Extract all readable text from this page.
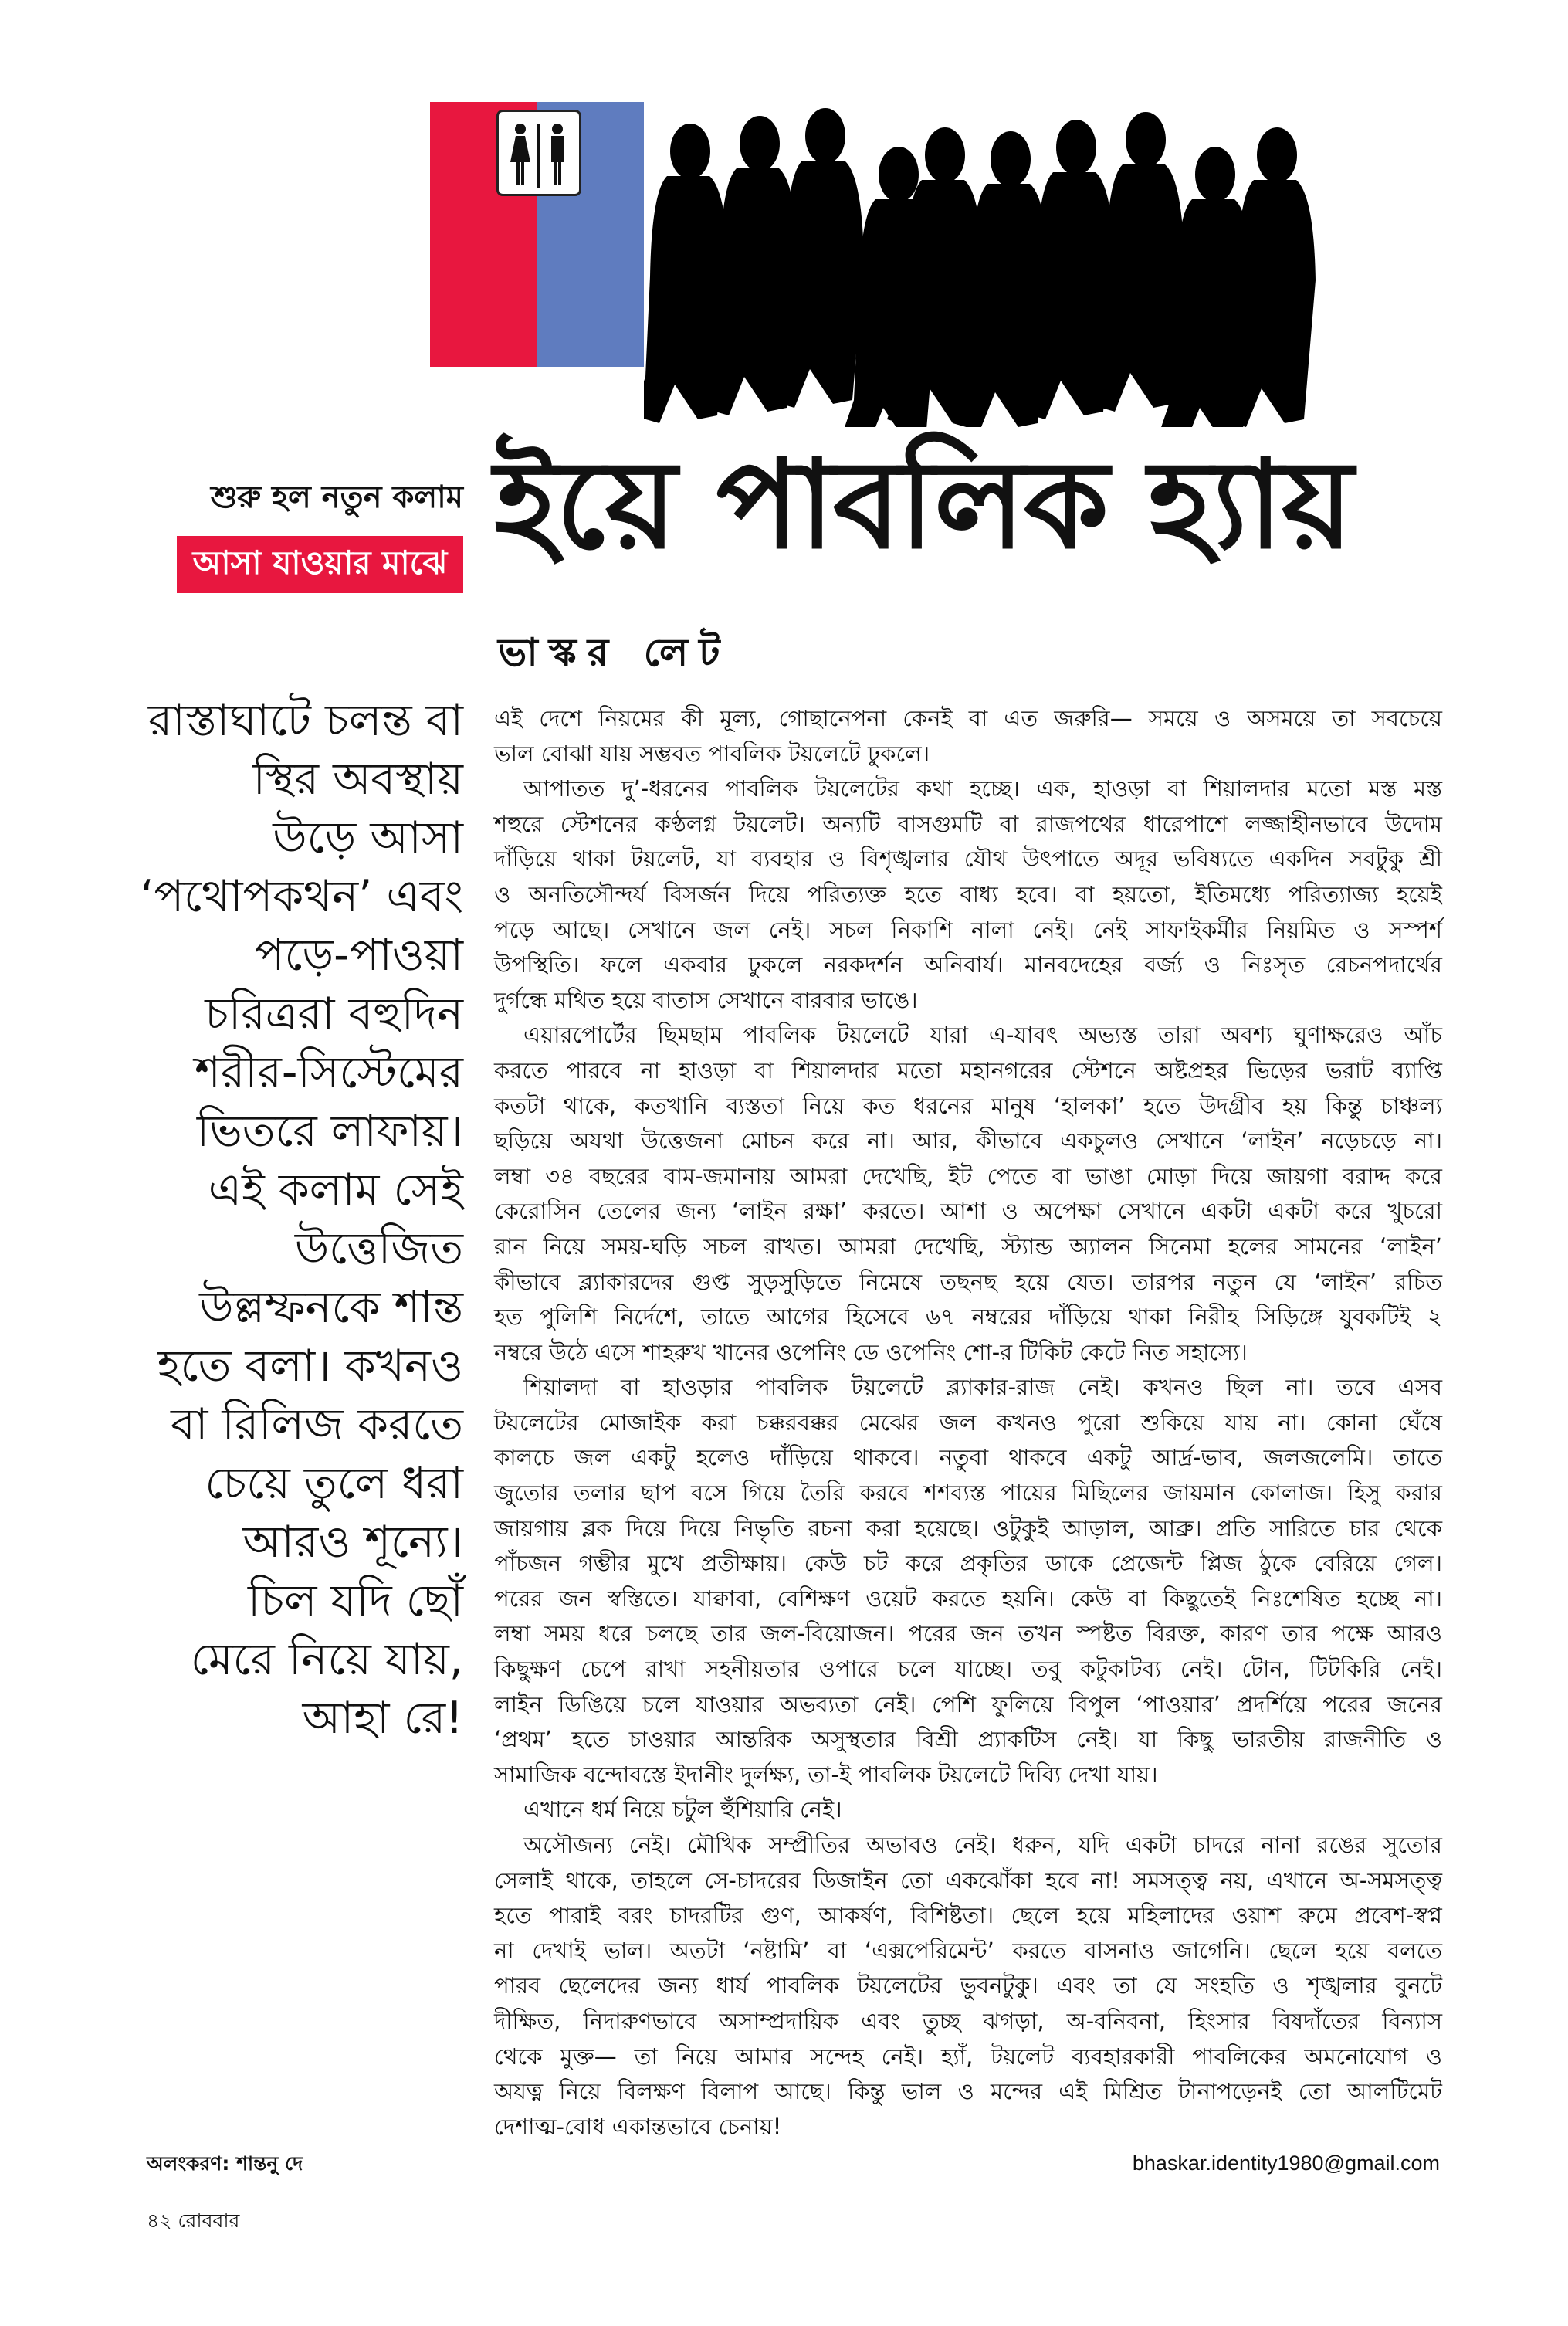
শুরু হল নতুন কলাম
আসা যাওয়ার মাঝে ইয়ে পাবলিক হ্যায়
ভাস্কর লেট
রাস্তাঘাটে চলন্ত বা
স্থির অবস্থায়
উড়ে আসা
‘পথোপকথন’ এবং
পড়ে-পাওয়া
চরিত্ররা বহুদিন
শরীর-সিস্টেমের
ভিতরে লাফায়।
এই কলাম সেই
উত্তেজিত
উল্লম্ফনকে শান্ত
হতে বলা। কখনও
বা রিলিজ করতে
চেয়ে তুলে ধরা
আরও শূন্যে।
চিল যদি ছোঁ
মেরে নিয়ে যায়,
আহা রে!
এই দেশে নিয়মের কী মূল্য, গোছানেপনা কেনই বা এত জরুরি— সময়ে ও অসময়ে তা সবচেয়ে
ভাল বোঝা যায় সম্ভবত পাবলিক টয়লেটে ঢুকলে।
আপাতত দু’-ধরনের পাবলিক টয়লেটের কথা হচ্ছে। এক, হাওড়া বা শিয়ালদার মতো মস্ত মস্ত
শহুরে স্টেশনের কণ্ঠলগ্ন টয়লেট। অন্যটি বাসগুমটি বা রাজপথের ধারেপাশে লজ্জাহীনভাবে উদোম
দাঁড়িয়ে থাকা টয়লেট, যা ব্যবহার ও বিশৃঙ্খলার যৌথ উৎপাতে অদূর ভবিষ্যতে একদিন সবটুকু শ্রী
ও অনতিসৌন্দর্য বিসর্জন দিয়ে পরিত্যক্ত হতে বাধ্য হবে। বা হয়তো, ইতিমধ্যে পরিত্যাজ্য হয়েই
পড়ে আছে। সেখানে জল নেই। সচল নিকাশি নালা নেই। নেই সাফাইকর্মীর নিয়মিত ও সস্পর্শ
উপস্থিতি। ফলে একবার ঢুকলে নরকদর্শন অনিবার্য। মানবদেহের বর্জ্য ও নিঃসৃত রেচনপদার্থের
দুর্গন্ধে মথিত হয়ে বাতাস সেখানে বারবার ভাঙে।
এয়ারপোর্টের ছিমছাম পাবলিক টয়লেটে যারা এ-যাবৎ অভ্যস্ত তারা অবশ্য ঘুণাক্ষরেও আঁচ
করতে পারবে না হাওড়া বা শিয়ালদার মতো মহানগরের স্টেশনে অষ্টপ্রহর ভিড়ের ভরাট ব্যাপ্তি
কতটা থাকে, কতখানি ব্যস্ততা নিয়ে কত ধরনের মানুষ ‘হালকা’ হতে উদগ্রীব হয় কিন্তু চাঞ্চল্য
ছড়িয়ে অযথা উত্তেজনা মোচন করে না। আর, কীভাবে একচুলও সেখানে ‘লাইন’ নড়েচড়ে না।
লম্বা ৩৪ বছরের বাম-জমানায় আমরা দেখেছি, ইট পেতে বা ভাঙা মোড়া দিয়ে জায়গা বরাদ্দ করে
কেরোসিন তেলের জন্য ‘লাইন রক্ষা’ করতে। আশা ও অপেক্ষা সেখানে একটা একটা করে খুচরো
রান নিয়ে সময়-ঘড়ি সচল রাখত। আমরা দেখেছি, স্ট্যান্ড অ্যালন সিনেমা হলের সামনের ‘লাইন’
কীভাবে ব্ল্যাকারদের গুপ্ত সুড়সুড়িতে নিমেষে তছনছ হয়ে যেত। তারপর নতুন যে ‘লাইন’ রচিত
হত পুলিশি নির্দেশে, তাতে আগের হিসেবে ৬৭ নম্বরের দাঁড়িয়ে থাকা নিরীহ সিড়িঙ্গে যুবকটিই ২
নম্বরে উঠে এসে শাহরুখ খানের ওপেনিং ডে ওপেনিং শো-র টিকিট কেটে নিত সহাস্যে।
শিয়ালদা বা হাওড়ার পাবলিক টয়লেটে ব্ল্যাকার-রাজ নেই। কখনও ছিল না। তবে এসব
টয়লেটের মোজাইক করা চক্করবক্কর মেঝের জল কখনও পুরো শুকিয়ে যায় না। কোনা ঘেঁষে
কালচে জল একটু হলেও দাঁড়িয়ে থাকবে। নতুবা থাকবে একটু আর্দ্র-ভাব, জলজলেমি। তাতে
জুতোর তলার ছাপ বসে গিয়ে তৈরি করবে শশব্যস্ত পায়ের মিছিলের জায়মান কোলাজ। হিসু করার
জায়গায় ব্লক দিয়ে দিয়ে নিভৃতি রচনা করা হয়েছে। ওটুকুই আড়াল, আব্রু। প্রতি সারিতে চার থেকে
পাঁচজন গম্ভীর মুখে প্রতীক্ষায়। কেউ চট করে প্রকৃতির ডাকে প্রেজেন্ট প্লিজ ঠুকে বেরিয়ে গেল।
পরের জন স্বস্তিতে। যাক্বাবা, বেশিক্ষণ ওয়েট করতে হয়নি। কেউ বা কিছুতেই নিঃশেষিত হচ্ছে না।
লম্বা সময় ধরে চলছে তার জল-বিয়োজন। পরের জন তখন স্পষ্টত বিরক্ত, কারণ তার পক্ষে আরও
কিছুক্ষণ চেপে রাখা সহনীয়তার ওপারে চলে যাচ্ছে। তবু কটুকাটব্য নেই। টোন, টিটকিরি নেই।
লাইন ডিঙিয়ে চলে যাওয়ার অভব্যতা নেই। পেশি ফুলিয়ে বিপুল ‘পাওয়ার’ প্রদর্শিয়ে পরের জনের
‘প্রথম’ হতে চাওয়ার আন্তরিক অসুস্থতার বিশ্রী প্র্যাকটিস নেই। যা কিছু ভারতীয় রাজনীতি ও
সামাজিক বন্দোবস্তে ইদানীং দুর্লক্ষ্য, তা-ই পাবলিক টয়লেটে দিব্যি দেখা যায়।
এখানে ধর্ম নিয়ে চটুল হুঁশিয়ারি নেই।
অসৌজন্য নেই। মৌখিক সম্প্রীতির অভাবও নেই। ধরুন, যদি একটা চাদরে নানা রঙের সুতোর
সেলাই থাকে, তাহলে সে-চাদরের ডিজাইন তো একঝোঁকা হবে না! সমসত্ত্ব নয়, এখানে অ-সমসত্ত্ব
হতে পারাই বরং চাদরটির গুণ, আকর্ষণ, বিশিষ্টতা। ছেলে হয়ে মহিলাদের ওয়াশ রুমে প্রবেশ-স্বপ্ন
না দেখাই ভাল। অতটা ‘নষ্টামি’ বা ‘এক্সপেরিমেন্ট’ করতে বাসনাও জাগেনি। ছেলে হয়ে বলতে
পারব ছেলেদের জন্য ধার্য পাবলিক টয়লেটের ভুবনটুকু। এবং তা যে সংহতি ও শৃঙ্খলার বুনটে
দীক্ষিত, নিদারুণভাবে অসাম্প্রদায়িক এবং তুচ্ছ ঝগড়া, অ-বনিবনা, হিংসার বিষদাঁতের বিন্যাস
থেকে মুক্ত— তা নিয়ে আমার সন্দেহ নেই। হ্যাঁ, টয়লেট ব্যবহারকারী পাবলিকের অমনোযোগ ও
অযত্ন নিয়ে বিলক্ষণ বিলাপ আছে। কিন্তু ভাল ও মন্দের এই মিশ্রিত টানাপড়েনই তো আলটিমেট
দেশাত্ম-বোধ একান্তভাবে চেনায়!
bhaskar.identity1980@gmail.com
অলংকরণ: শান্তনু দে
৪২ রোববার
